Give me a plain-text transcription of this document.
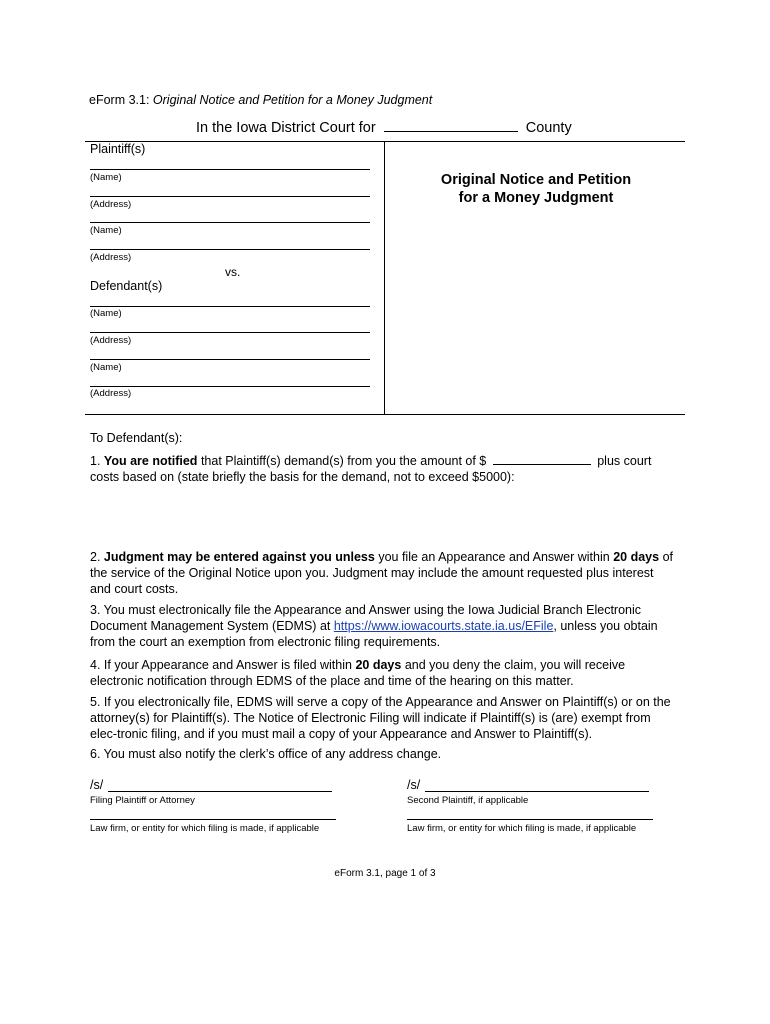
eForm 3.1: Original Notice and Petition for a Money Judgment
In the Iowa District Court for	County
Plaintiff(s)
(Name)
(Address)
(Name)
(Address)
vs.
Defendant(s)
(Name)
(Address)
(Name)
(Address)
Original Notice and Petition
for a Money Judgment
To Defendant(s):
1. You are notified that Plaintiff(s) demand(s) from you the amount of $	plus court
costs based on (state briefly the basis for the demand, not to exceed $5000):
2. Judgment may be entered against you unless you file an Appearance and Answer within 20 days of the service of the Original Notice upon you. Judgment may include the amount requested plus interest and court costs.
3. You must electronically file the Appearance and Answer using the Iowa Judicial Branch Electronic Document Management System (EDMS) at https://www.iowacourts.state.ia.us/EFile, unless you obtain from the court an exemption from electronic filing requirements.
4. If your Appearance and Answer is filed within 20 days and you deny the claim, you will receive electronic notification through EDMS of the place and time of the hearing on this matter.
5. If you electronically file, EDMS will serve a copy of the Appearance and Answer on Plaintiff(s) or on the attorney(s) for Plaintiff(s). The Notice of Electronic Filing will indicate if Plaintiff(s) is (are) exempt from elec-tronic filing, and if you must mail a copy of your Appearance and Answer to Plaintiff(s).
6. You must also notify the clerk’s office of any address change.
/s/
Filing Plaintiff or Attorney
/s/
Second Plaintiff, if applicable
Law firm, or entity for which filing is made, if applicable	Law firm, or entity for which filing is made, if applicable
eForm 3.1, page 1 of 3
